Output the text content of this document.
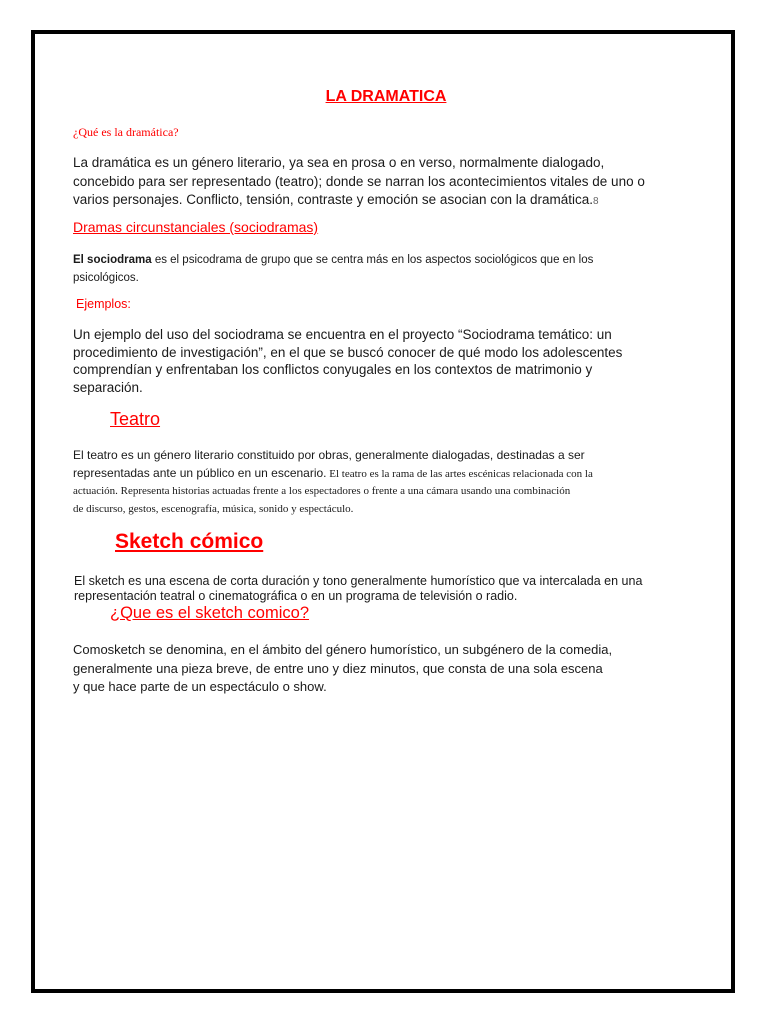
LA DRAMATICA

¿Qué es la dramática?

La dramática es un género literario, ya sea en prosa o en verso, normalmente dialogado,
concebido para ser representado (teatro); donde se narran los acontecimientos vitales de uno o
varios personajes. Conflicto, tensión, contraste y emoción se asocian con la dramática.8

Dramas circunstanciales (sociodramas)

El sociodrama es el psicodrama de grupo que se centra más en los aspectos sociológicos que en los
psicológicos.

Ejemplos:

Un ejemplo del uso del sociodrama se encuentra en el proyecto “Sociodrama temático: un
procedimiento de investigación”, en el que se buscó conocer de qué modo los adolescentes
comprendían y enfrentaban los conflictos conyugales en los contextos de matrimonio y
separación.

Teatro

El teatro es un género literario constituido por obras, generalmente dialogadas, destinadas a ser
representadas ante un público en un escenario. El teatro es la rama de las artes escénicas relacionada con la
actuación. Representa historias actuadas frente a los espectadores o frente a una cámara usando una combinación
de discurso, gestos, escenografía, música, sonido y espectáculo.

Sketch cómico

El sketch es una escena de corta duración y tono generalmente humorístico que va intercalada en una
representación teatral o cinematográfica o en un programa de televisión o radio.

¿Que es el sketch comico?

Comosketch se denomina, en el ámbito del género humorístico, un subgénero de la comedia,
generalmente una pieza breve, de entre uno y diez minutos, que consta de una sola escena
y que hace parte de un espectáculo o show.
